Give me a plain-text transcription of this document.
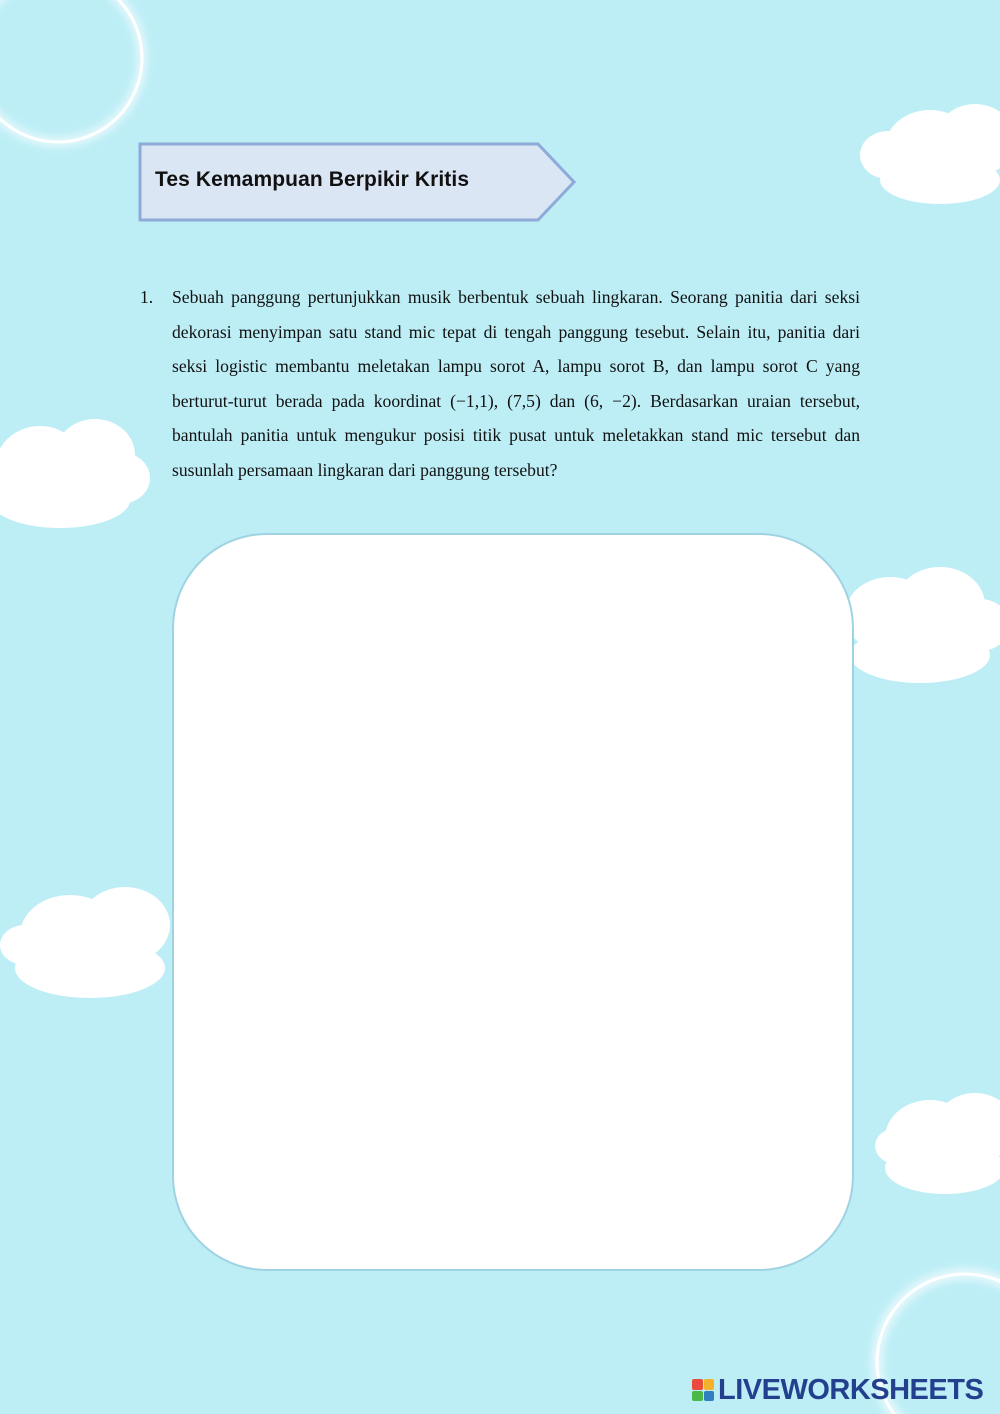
Tes Kemampuan Berpikir Kritis
1. Sebuah panggung pertunjukkan musik berbentuk sebuah lingkaran. Seorang panitia dari seksi dekorasi menyimpan satu stand mic tepat di tengah panggung tesebut. Selain itu, panitia dari seksi logistic membantu meletakan lampu sorot A, lampu sorot B, dan lampu sorot C yang berturut-turut berada pada koordinat (−1,1), (7,5) dan (6, −2). Berdasarkan uraian tersebut, bantulah panitia untuk mengukur posisi titik pusat untuk meletakkan stand mic tersebut dan susunlah persamaan lingkaran dari panggung tersebut?
LIVEWORKSHEETS
